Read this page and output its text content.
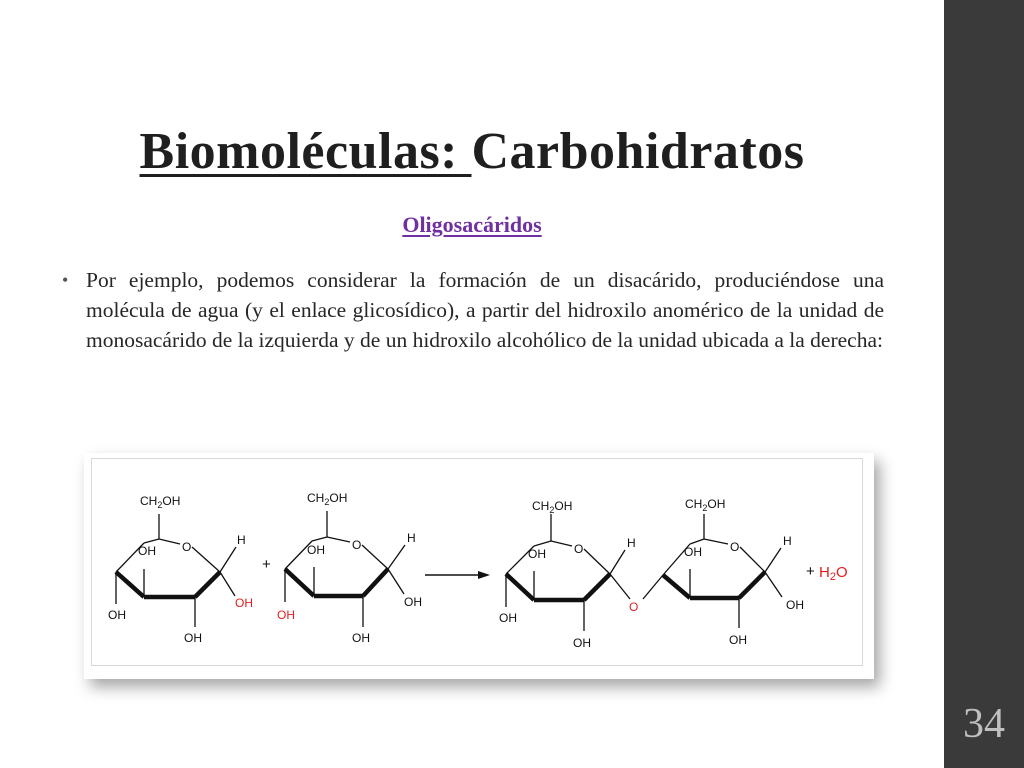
Biomoléculas: Carbohidratos
Oligosacáridos
• Por ejemplo, podemos considerar la formación de un disacárido, produciéndose una molécula de agua (y el enlace glicosídico), a partir del hidroxilo anomérico de la unidad de monosacárido de la izquierda y de un hidroxilo alcohólico de la unidad ubicada a la derecha:
$CH_2OH$
O	H
OH
OH
OH
OH
+
$CH_2OH$
O	H
OH
OH
OH
OH
$CH_2OH$
O	H
OH
OH
OH
O
$CH_2OH$
O	H
OH
OH
OH
+ $H_2O$
34
